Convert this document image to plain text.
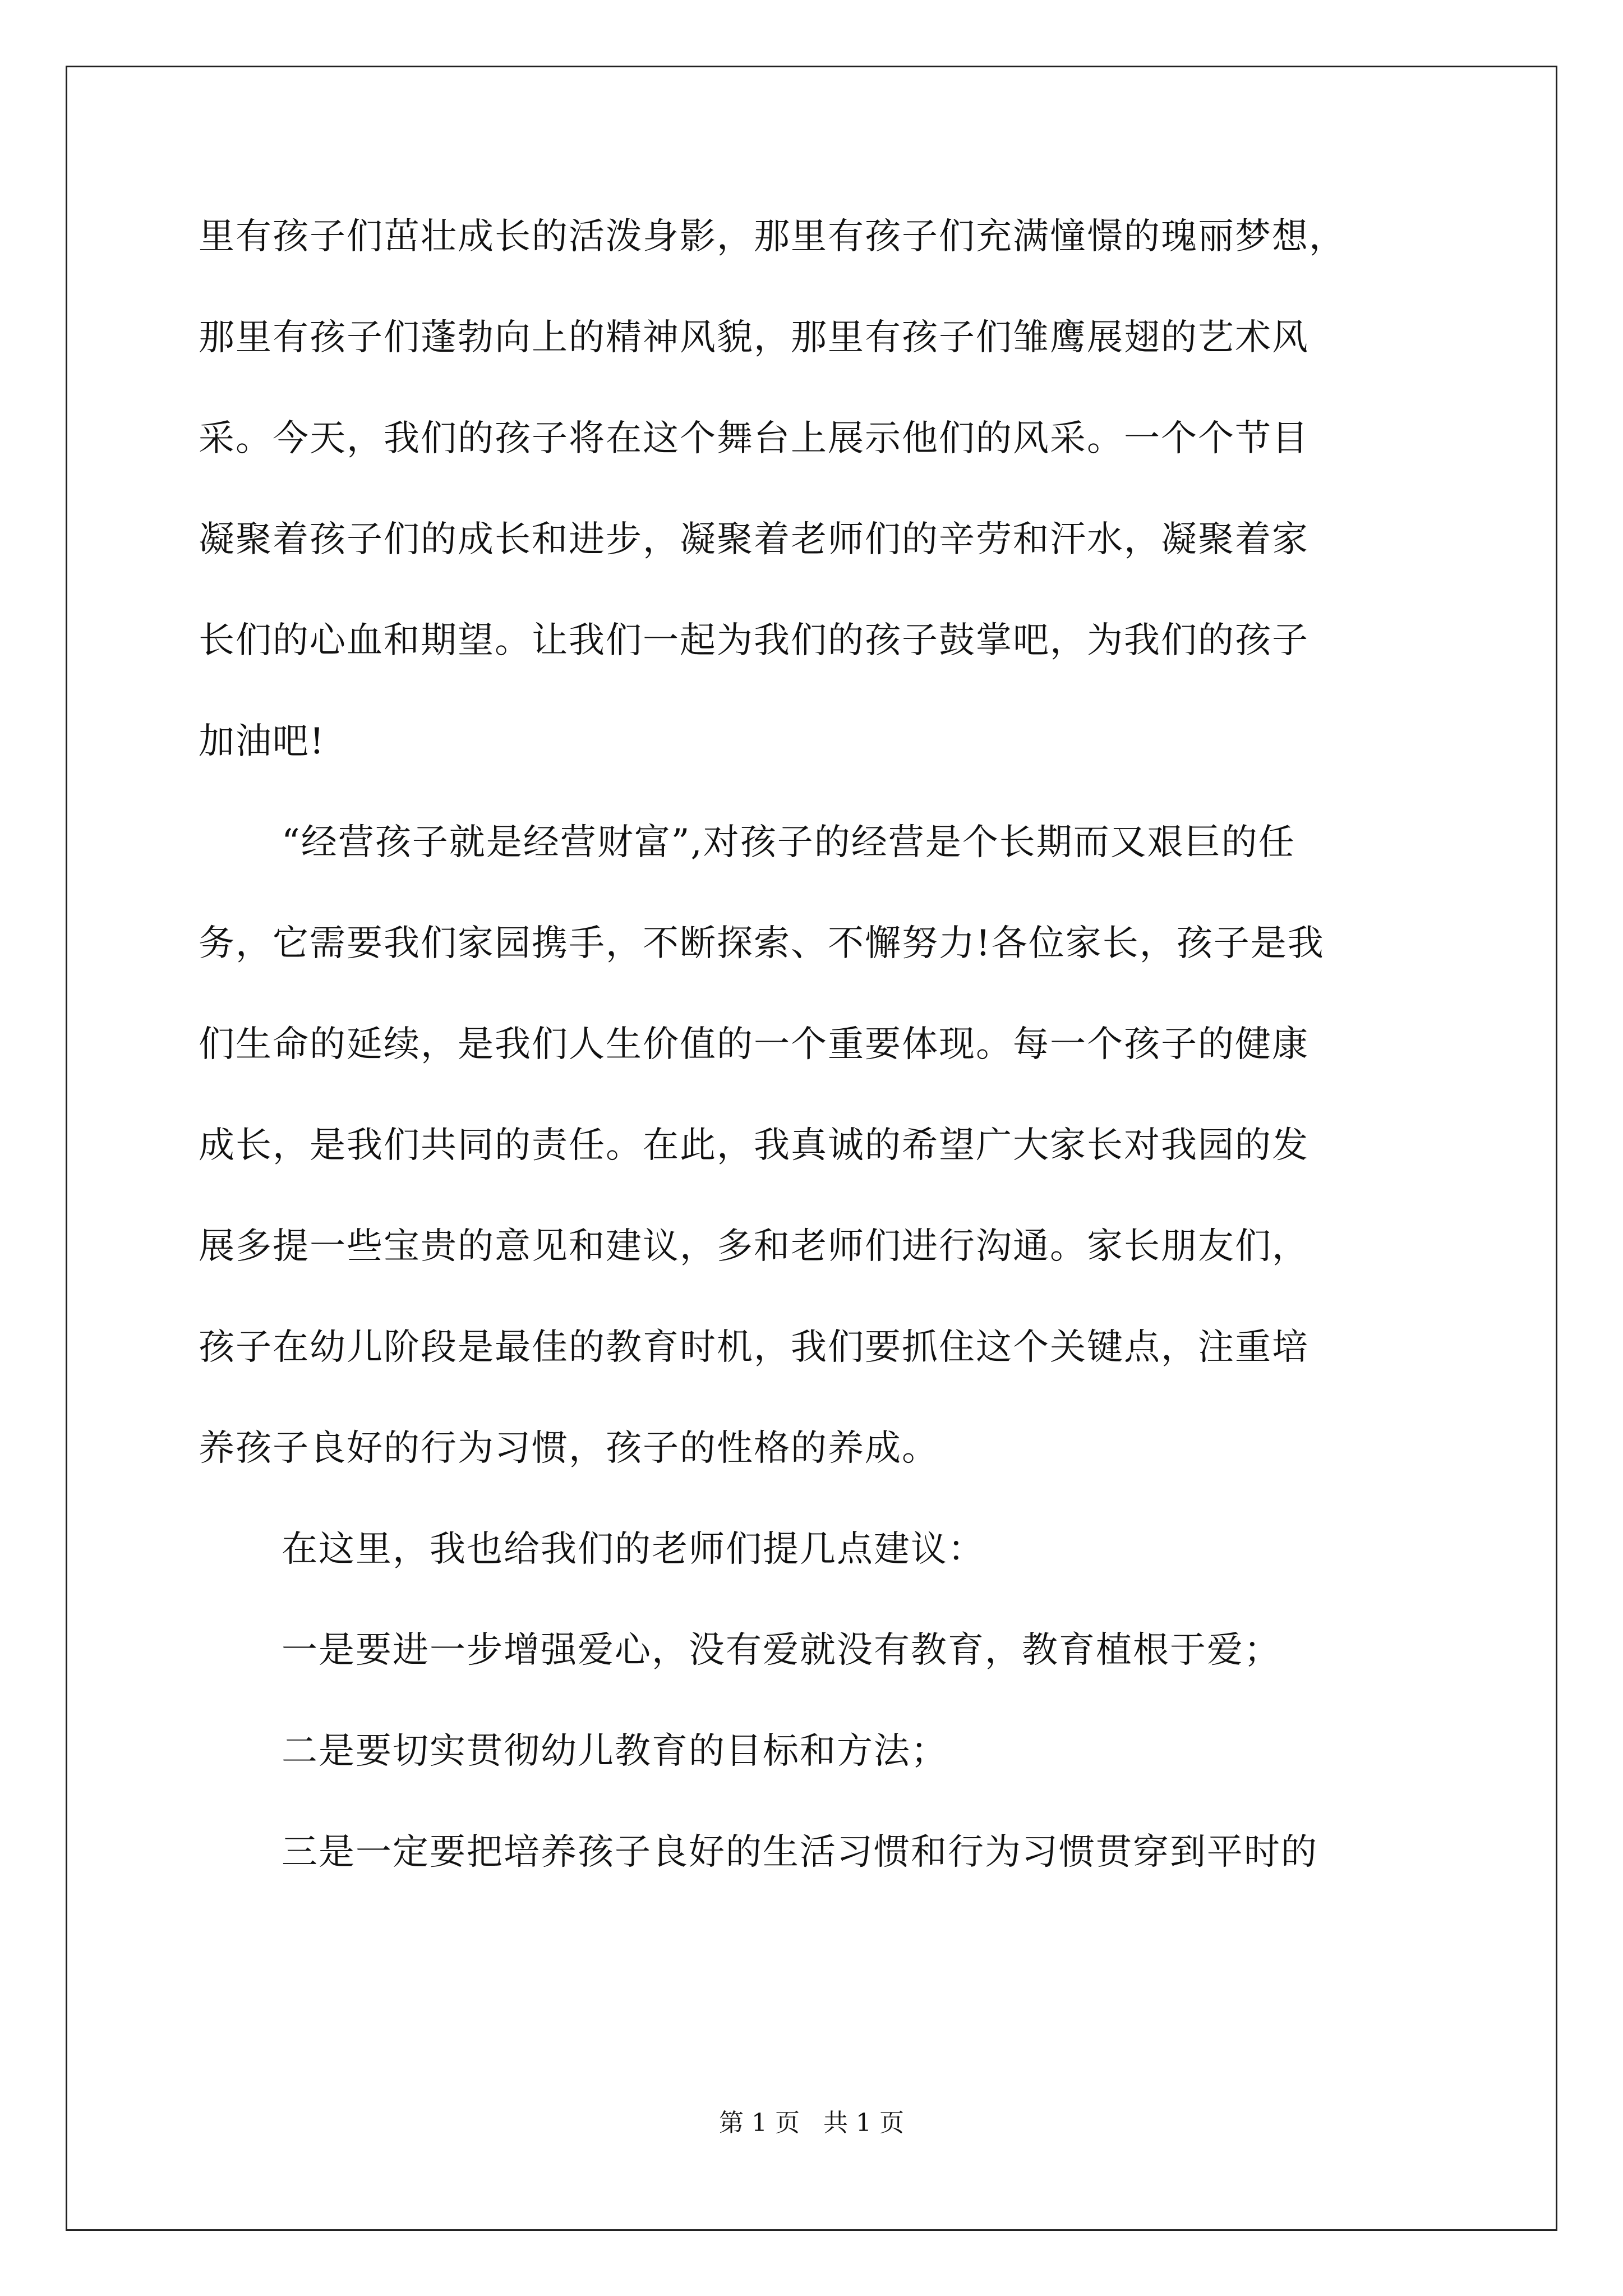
里有孩子们茁壮成长的活泼身影，那里有孩子们充满憧憬的瑰丽梦想，
那里有孩子们蓬勃向上的精神风貌，那里有孩子们雏鹰展翅的艺术风
采。今天，我们的孩子将在这个舞台上展示他们的风采。一个个节目
凝聚着孩子们的成长和进步，凝聚着老师们的辛劳和汗水，凝聚着家
长们的心血和期望。让我们一起为我们的孩子鼓掌吧，为我们的孩子
加油吧!
“经营孩子就是经营财富”,对孩子的经营是个长期而又艰巨的任
务，它需要我们家园携手，不断探索、不懈努力!各位家长，孩子是我
们生命的延续，是我们人生价值的一个重要体现。每一个孩子的健康
成长，是我们共同的责任。在此，我真诚的希望广大家长对我园的发
展多提一些宝贵的意见和建议，多和老师们进行沟通。家长朋友们，
孩子在幼儿阶段是最佳的教育时机，我们要抓住这个关键点，注重培
养孩子良好的行为习惯，孩子的性格的养成。
在这里，我也给我们的老师们提几点建议：
一是要进一步增强爱心，没有爱就没有教育，教育植根于爱；
二是要切实贯彻幼儿教育的目标和方法；
三是一定要把培养孩子良好的生活习惯和行为习惯贯穿到平时的
第 1 页   共 1 页
